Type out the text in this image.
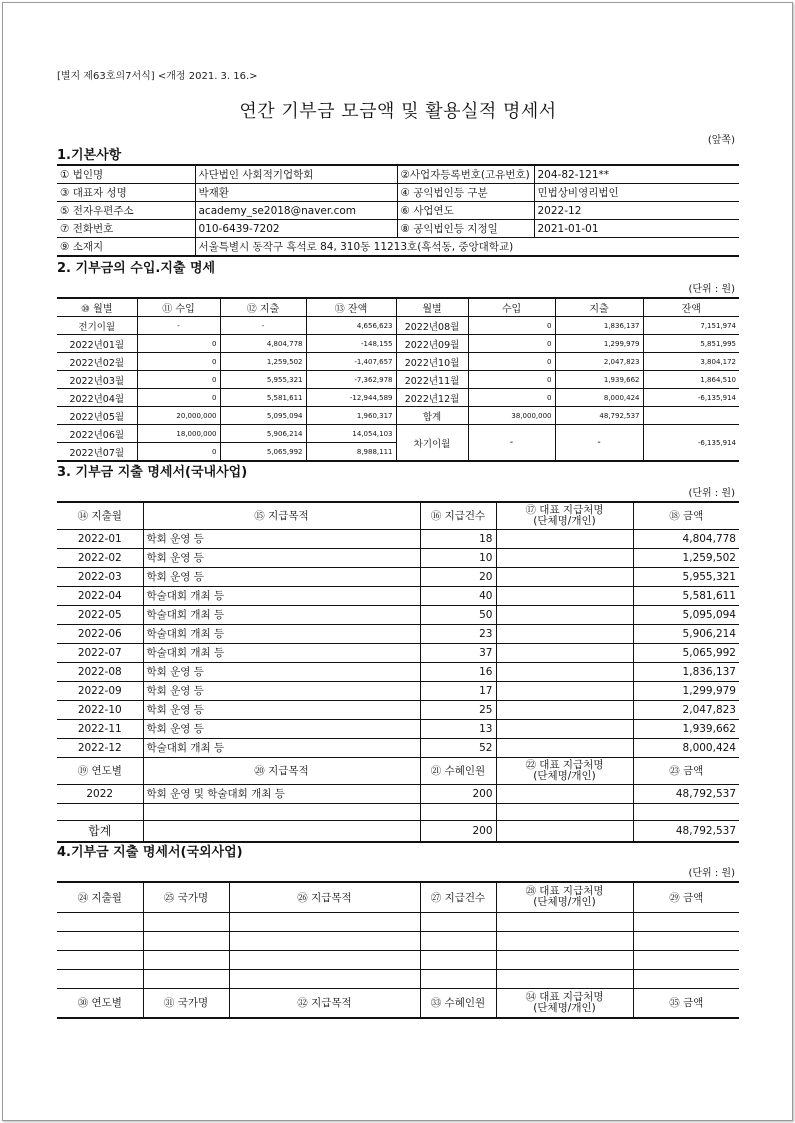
[별지 제63호의7서식] <개정 2021. 3. 16.>
연간 기부금 모금액 및 활용실적 명세서
(앞쪽)
1.기본사항
① 법인명	사단법인 사회적기업학회	②사업자등록번호(고유번호)	204-82-121**
③ 대표자 성명	박재환	④ 공익법인등 구분	민법상비영리법인
⑤ 전자우편주소	academy_se2018@naver.com	⑥ 사업연도	2022-12
⑦ 전화번호	010-6439-7202	⑧ 공익법인등 지정일	2021-01-01
⑨ 소재지	서울특별시 동작구 흑석로 84, 310동 11213호(흑석동, 중앙대학교)		
2. 기부금의 수입.지출 명세
(단위 : 원)
⑩ 월별	⑪ 수입	⑫ 지출	⑬ 잔액	월별	수입	지출	잔액
전기이월	-	-	4,656,623	2022년08월	0	1,836,137	7,151,974
2022년01월	0	4,804,778	-148,155	2022년09월	0	1,299,979	5,851,995
2022년02월	0	1,259,502	-1,407,657	2022년10월	0	2,047,823	3,804,172
2022년03월	0	5,955,321	-7,362,978	2022년11월	0	1,939,662	1,864,510
2022년04월	0	5,581,611	-12,944,589	2022년12월	0	8,000,424	-6,135,914
2022년05월	20,000,000	5,095,094	1,960,317	합계	38,000,000	48,792,537	
2022년06월	18,000,000	5,906,214	14,054,103	차기이월	-	-	-6,135,914
2022년07월	0	5,065,992	8,988,111				
3. 기부금 지출 명세서(국내사업)
(단위 : 원)
⑭ 지출월	⑮ 지급목적	⑯ 지급건수	⑰ 대표 지급처명
(단체명/개인)	⑱ 금액
2022-01	학회 운영 등	18		4,804,778
2022-02	학회 운영 등	10		1,259,502
2022-03	학회 운영 등	20		5,955,321
2022-04	학술대회 개최 등	40		5,581,611
2022-05	학술대회 개최 등	50		5,095,094
2022-06	학술대회 개최 등	23		5,906,214
2022-07	학술대회 개최 등	37		5,065,992
2022-08	학회 운영 등	16		1,836,137
2022-09	학회 운영 등	17		1,299,979
2022-10	학회 운영 등	25		2,047,823
2022-11	학회 운영 등	13		1,939,662
2022-12	학술대회 개최 등	52		8,000,424
⑲ 연도별	⑳ 지급목적	㉑ 수혜인원	㉒ 대표 지급처명
(단체명/개인)	㉓ 금액
2022	학회 운영 및 학술대회 개최 등	200		48,792,537

합계		200		48,792,537
4.기부금 지출 명세서(국외사업)
(단위 : 원)
㉔ 지출월	㉕ 국가명	㉖ 지급목적	㉗ 지급건수	㉘ 대표 지급처명
(단체명/개인)	㉙ 금액

㉚ 연도별	㉛ 국가명	㉜ 지급목적	㉝ 수혜인원	㉞ 대표 지급처명
(단체명/개인)	㉟ 금액
